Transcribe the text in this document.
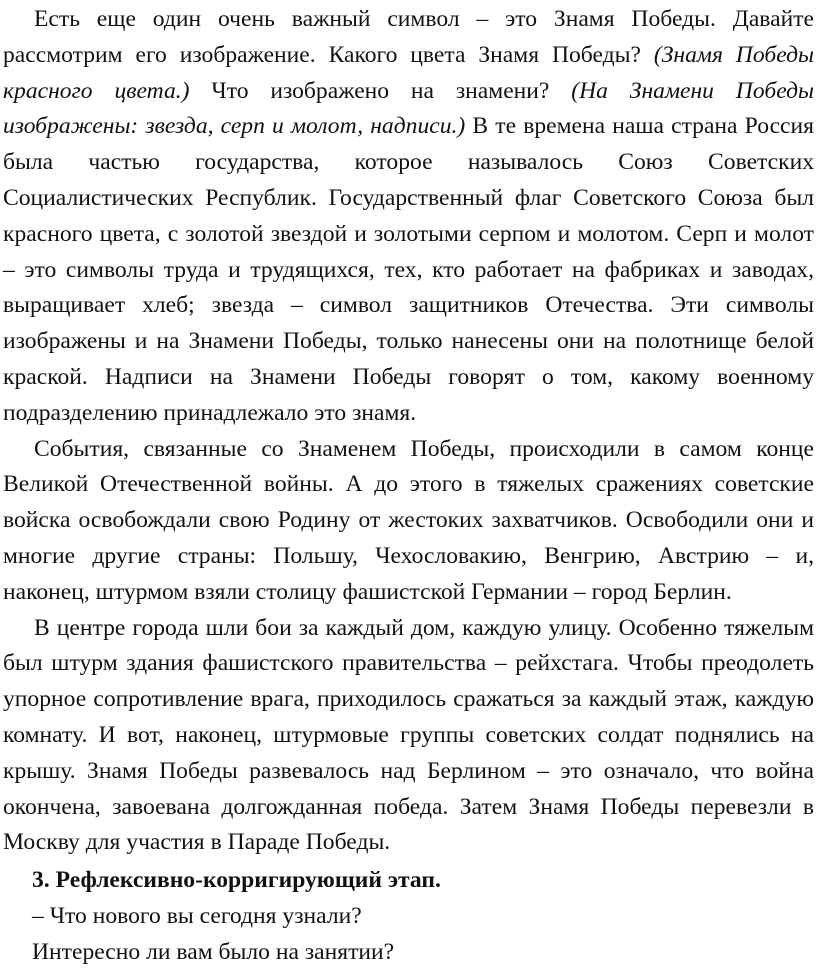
Есть еще один очень важный символ – это Знамя Победы. Давайте рассмотрим его изображение. Какого цвета Знамя Победы? (Знамя Победы красного цвета.) Что изображено на знамени? (На Знамени Победы изображены: звезда, серп и молот, надписи.) В те времена наша страна Россия была частью государства, которое называлось Союз Советских Социалистических Республик. Государственный флаг Советского Союза был красного цвета, с золотой звездой и золотыми серпом и молотом. Серп и молот – это символы труда и трудящихся, тех, кто работает на фабриках и заводах, выращивает хлеб; звезда – символ защитников Отечества. Эти символы изображены и на Знамени Победы, только нанесены они на полотнище белой краской. Надписи на Знамени Победы говорят о том, какому военному подразделению принадлежало это знамя.

События, связанные со Знаменем Победы, происходили в самом конце Великой Отечественной войны. А до этого в тяжелых сражениях советские войска освобождали свою Родину от жестоких захватчиков. Освободили они и многие другие страны: Польшу, Чехословакию, Венгрию, Австрию – и, наконец, штурмом взяли столицу фашистской Германии – город Берлин.

В центре города шли бои за каждый дом, каждую улицу. Особенно тяжелым был штурм здания фашистского правительства – рейхстага. Чтобы преодолеть упорное сопротивление врага, приходилось сражаться за каждый этаж, каждую комнату. И вот, наконец, штурмовые группы советских солдат поднялись на крышу. Знамя Победы развевалось над Берлином – это означало, что война окончена, завоевана долгожданная победа. Затем Знамя Победы перевезли в Москву для участия в Параде Победы.

3. Рефлексивно-корригирующий этап.

– Что нового вы сегодня узнали?

Интересно ли вам было на занятии?
